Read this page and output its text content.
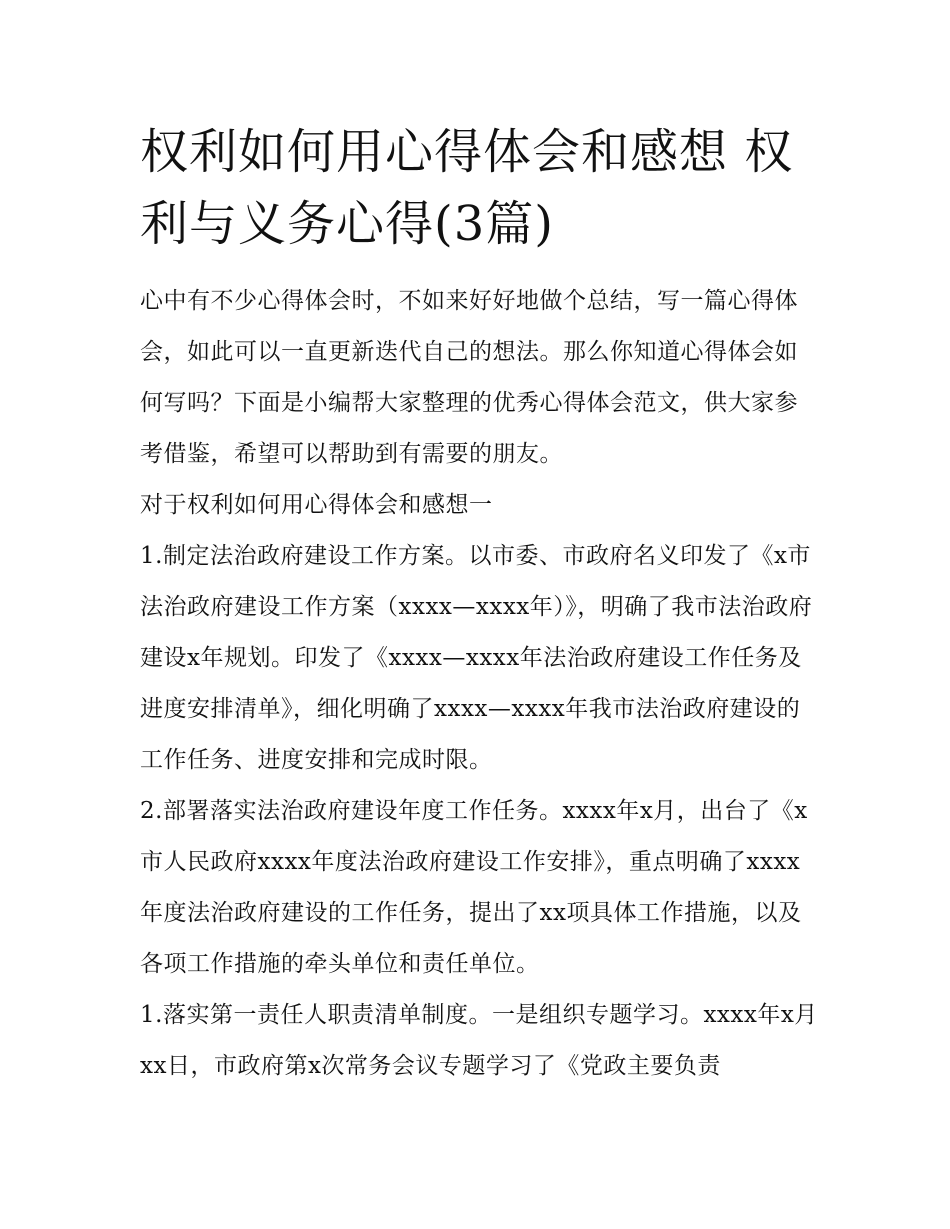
权利如何用心得体会和感想 权利与义务心得(3篇)

心中有不少心得体会时，不如来好好地做个总结，写一篇心得体会，如此可以一直更新迭代自己的想法。那么你知道心得体会如何写吗？下面是小编帮大家整理的优秀心得体会范文，供大家参考借鉴，希望可以帮助到有需要的朋友。

对于权利如何用心得体会和感想一

1.制定法治政府建设工作方案。以市委、市政府名义印发了《x市法治政府建设工作方案（xxxx—xxxx年）》，明确了我市法治政府建设x年规划。印发了《xxxx—xxxx年法治政府建设工作任务及进度安排清单》，细化明确了xxxx—xxxx年我市法治政府建设的工作任务、进度安排和完成时限。

2.部署落实法治政府建设年度工作任务。xxxx年x月，出台了《x市人民政府xxxx年度法治政府建设工作安排》，重点明确了xxxx年度法治政府建设的工作任务，提出了xx项具体工作措施，以及各项工作措施的牵头单位和责任单位。

1.落实第一责任人职责清单制度。一是组织专题学习。xxxx年x月xx日，市政府第x次常务会议专题学习了《党政主要负责
